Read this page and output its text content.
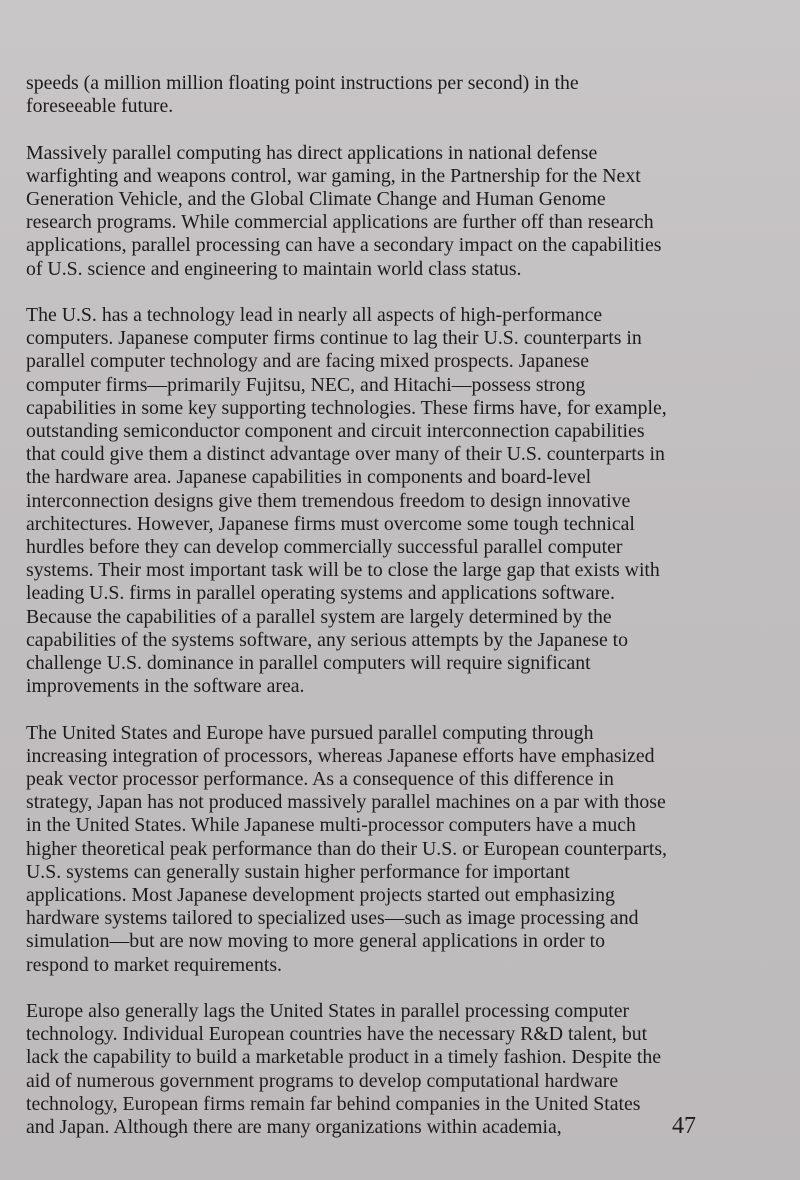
speeds (a million million floating point instructions per second) in the
foreseeable future.

Massively parallel computing has direct applications in national defense
warfighting and weapons control, war gaming, in the Partnership for the Next
Generation Vehicle, and the Global Climate Change and Human Genome
research programs. While commercial applications are further off than research
applications, parallel processing can have a secondary impact on the capabilities
of U.S. science and engineering to maintain world class status.

The U.S. has a technology lead in nearly all aspects of high-performance
computers. Japanese computer firms continue to lag their U.S. counterparts in
parallel computer technology and are facing mixed prospects. Japanese
computer firms—primarily Fujitsu, NEC, and Hitachi—possess strong
capabilities in some key supporting technologies. These firms have, for example,
outstanding semiconductor component and circuit interconnection capabilities
that could give them a distinct advantage over many of their U.S. counterparts in
the hardware area. Japanese capabilities in components and board-level
interconnection designs give them tremendous freedom to design innovative
architectures. However, Japanese firms must overcome some tough technical
hurdles before they can develop commercially successful parallel computer
systems. Their most important task will be to close the large gap that exists with
leading U.S. firms in parallel operating systems and applications software.
Because the capabilities of a parallel system are largely determined by the
capabilities of the systems software, any serious attempts by the Japanese to
challenge U.S. dominance in parallel computers will require significant
improvements in the software area.

The United States and Europe have pursued parallel computing through
increasing integration of processors, whereas Japanese efforts have emphasized
peak vector processor performance. As a consequence of this difference in
strategy, Japan has not produced massively parallel machines on a par with those
in the United States. While Japanese multi-processor computers have a much
higher theoretical peak performance than do their U.S. or European counterparts,
U.S. systems can generally sustain higher performance for important
applications. Most Japanese development projects started out emphasizing
hardware systems tailored to specialized uses—such as image processing and
simulation—but are now moving to more general applications in order to
respond to market requirements.

Europe also generally lags the United States in parallel processing computer
technology. Individual European countries have the necessary R&D talent, but
lack the capability to build a marketable product in a timely fashion. Despite the
aid of numerous government programs to develop computational hardware
technology, European firms remain far behind companies in the United States
and Japan. Although there are many organizations within academia,	47
